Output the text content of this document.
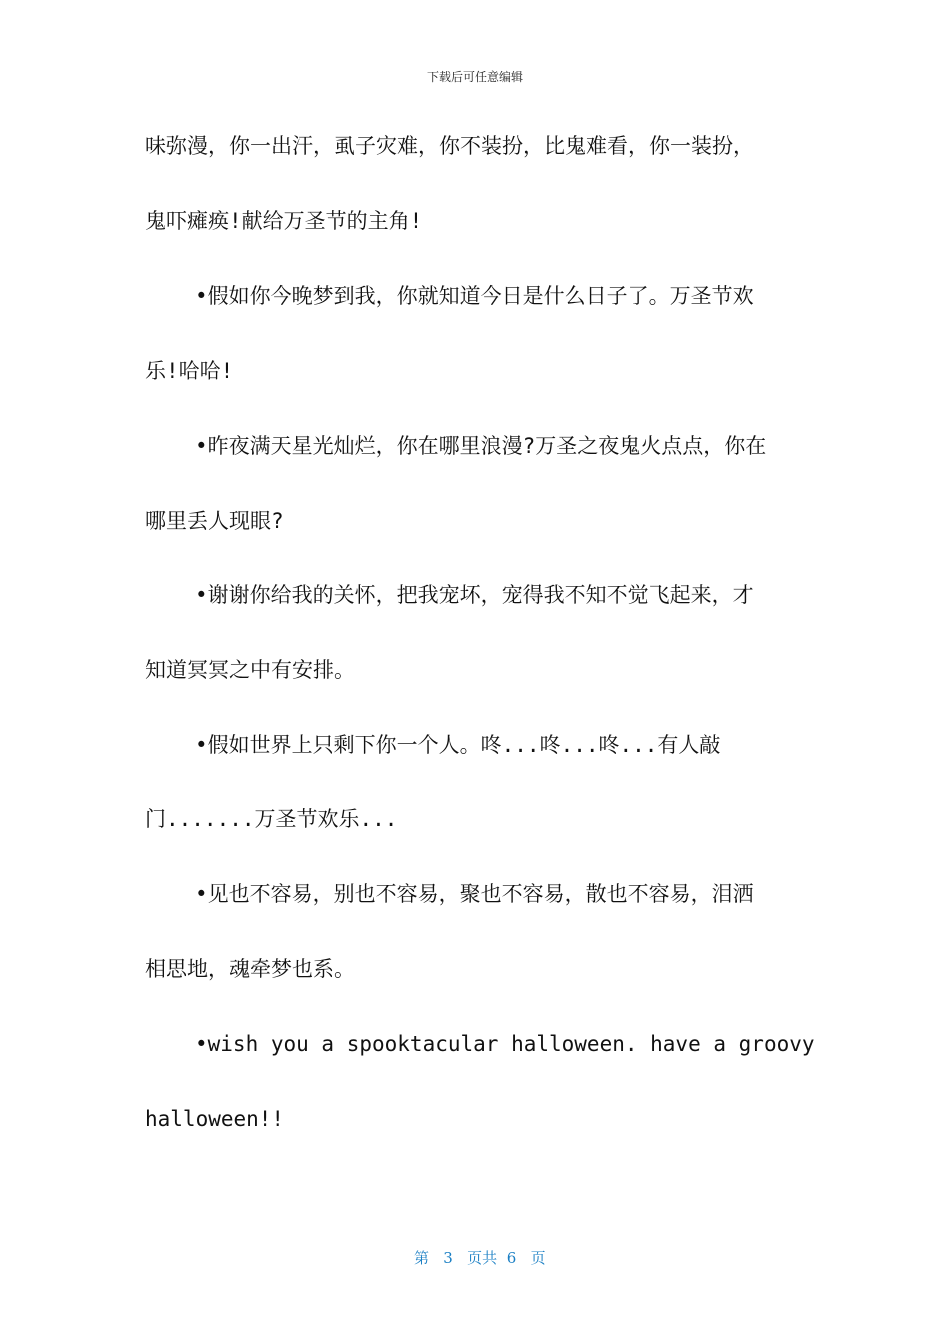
下载后可任意编辑
味弥漫，你一出汗，虱子灾难，你不装扮，比鬼难看，你一装扮，
鬼吓瘫痪!献给万圣节的主角!
•假如你今晚梦到我，你就知道今日是什么日子了。万圣节欢
乐!哈哈!
•昨夜满天星光灿烂，你在哪里浪漫?万圣之夜鬼火点点，你在
哪里丢人现眼?
•谢谢你给我的关怀，把我宠坏，宠得我不知不觉飞起来，才
知道冥冥之中有安排。
•假如世界上只剩下你一个人。咚...咚...咚...有人敲
门.......万圣节欢乐...
•见也不容易，别也不容易，聚也不容易，散也不容易，泪洒
相思地，魂牵梦也系。
•wish you a spooktacular halloween. have a groovy
halloween!!

第 3 页共 6 页
